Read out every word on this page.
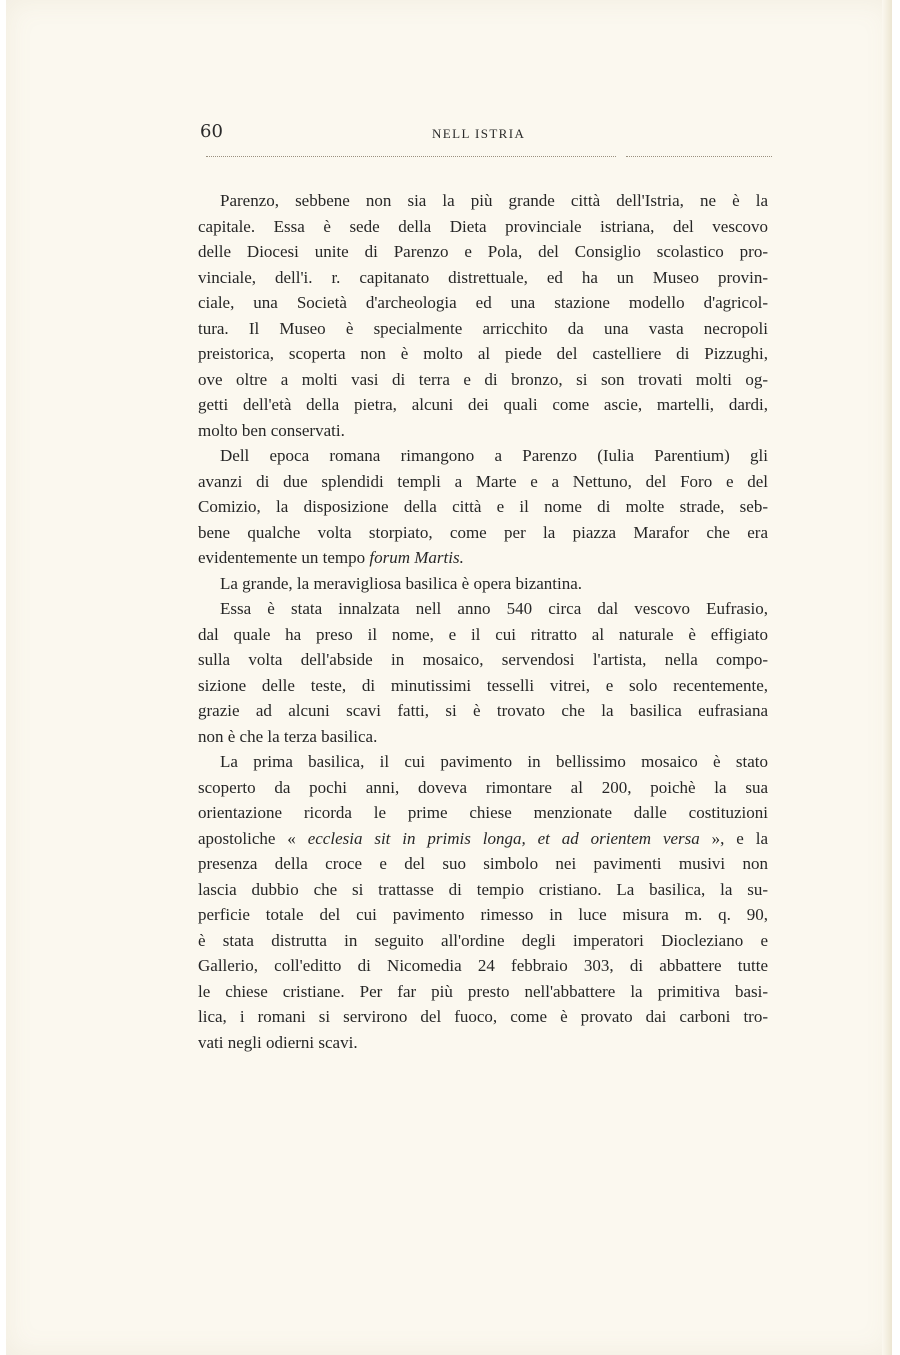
60	NELL ISTRIA
Parenzo, sebbene non sia la più grande città dell'Istria, ne è la
capitale. Essa è sede della Dieta provinciale istriana, del vescovo
delle Diocesi unite di Parenzo e Pola, del Consiglio scolastico pro-
vinciale, dell'i. r. capitanato distrettuale, ed ha un Museo provin-
ciale, una Società d'archeologia ed una stazione modello d'agricol-
tura. Il Museo è specialmente arricchito da una vasta necropoli
preistorica, scoperta non è molto al piede del castelliere di Pizzughi,
ove oltre a molti vasi di terra e di bronzo, si son trovati molti og-
getti dell'età della pietra, alcuni dei quali come ascie, martelli, dardi,
molto ben conservati.
Dell epoca romana rimangono a Parenzo (Iulia Parentium) gli
avanzi di due splendidi templi a Marte e a Nettuno, del Foro e del
Comizio, la disposizione della città e il nome di molte strade, seb-
bene qualche volta storpiato, come per la piazza Marafor che era
evidentemente un tempo forum Martis.
La grande, la meravigliosa basilica è opera bizantina.
Essa è stata innalzata nell anno 540 circa dal vescovo Eufrasio,
dal quale ha preso il nome, e il cui ritratto al naturale è effigiato
sulla volta dell'abside in mosaico, servendosi l'artista, nella compo-
sizione delle teste, di minutissimi tesselli vitrei, e solo recentemente,
grazie ad alcuni scavi fatti, si è trovato che la basilica eufrasiana
non è che la terza basilica.
La prima basilica, il cui pavimento in bellissimo mosaico è stato
scoperto da pochi anni, doveva rimontare al 200, poichè la sua
orientazione ricorda le prime chiese menzionate dalle costituzioni
apostoliche « ecclesia sit in primis longa, et ad orientem versa », e la
presenza della croce e del suo simbolo nei pavimenti musivi non
lascia dubbio che si trattasse di tempio cristiano. La basilica, la su-
perficie totale del cui pavimento rimesso in luce misura m. q. 90,
è stata distrutta in seguito all'ordine degli imperatori Diocleziano e
Gallerio, coll'editto di Nicomedia 24 febbraio 303, di abbattere tutte
le chiese cristiane. Per far più presto nell'abbattere la primitiva basi-
lica, i romani si servirono del fuoco, come è provato dai carboni tro-
vati negli odierni scavi.
